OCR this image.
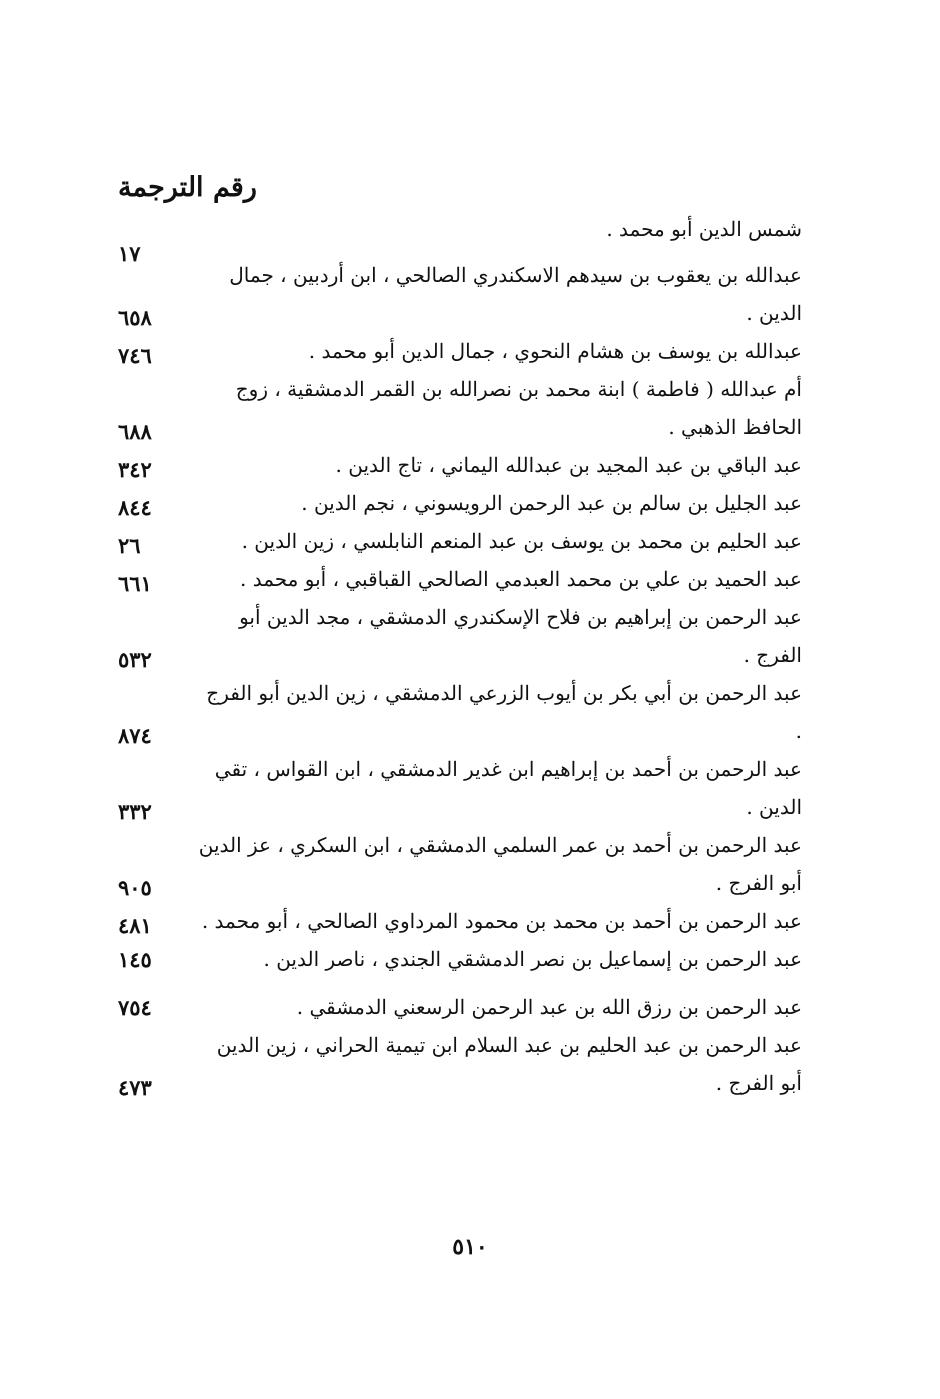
رقم الترجمة
شمس الدين أبو محمد .
١٧
عبدالله بن يعقوب بن سيدهم الاسكندري الصالحي ، ابن أردبين ، جمال الدين .
٦٥٨
عبدالله بن يوسف بن هشام النحوي ، جمال الدين أبو محمد .
٧٤٦
أم عبدالله ( فاطمة ) ابنة محمد بن نصرالله بن القمر الدمشقية ، زوج الحافظ الذهبي .
٦٨٨
عبد الباقي بن عبد المجيد بن عبدالله اليماني ، تاج الدين .
٣٤٢
عبد الجليل بن سالم بن عبد الرحمن الرويسوني ، نجم الدين .
٨٤٤
عبد الحليم بن محمد بن يوسف بن عبد المنعم النابلسي ، زين الدين .
٢٦
عبد الحميد بن علي بن محمد العبدمي الصالحي القباقبي ، أبو محمد .
٦٦١
عبد الرحمن بن إبراهيم بن فلاح الإسكندري الدمشقي ، مجد الدين أبو الفرج .
٥٣٢
عبد الرحمن بن أبي بكر بن أيوب الزرعي الدمشقي ، زين الدين أبو الفرج .
٨٧٤
عبد الرحمن بن أحمد بن إبراهيم ابن غدير الدمشقي ، ابن القواس ، تقي الدين .
٣٣٢
عبد الرحمن بن أحمد بن عمر السلمي الدمشقي ، ابن السكري ، عز الدين أبو الفرج .
٩٠٥
عبد الرحمن بن أحمد بن محمد بن محمود المرداوي الصالحي ، أبو محمد .
٤٨١
عبد الرحمن بن إسماعيل بن نصر الدمشقي الجندي ، ناصر الدين .
١٤٥
عبد الرحمن بن رزق الله بن عبد الرحمن الرسعني الدمشقي .
٧٥٤
عبد الرحمن بن عبد الحليم بن عبد السلام ابن تيمية الحراني ، زين الدين أبو الفرج .
٤٧٣
٥١٠
